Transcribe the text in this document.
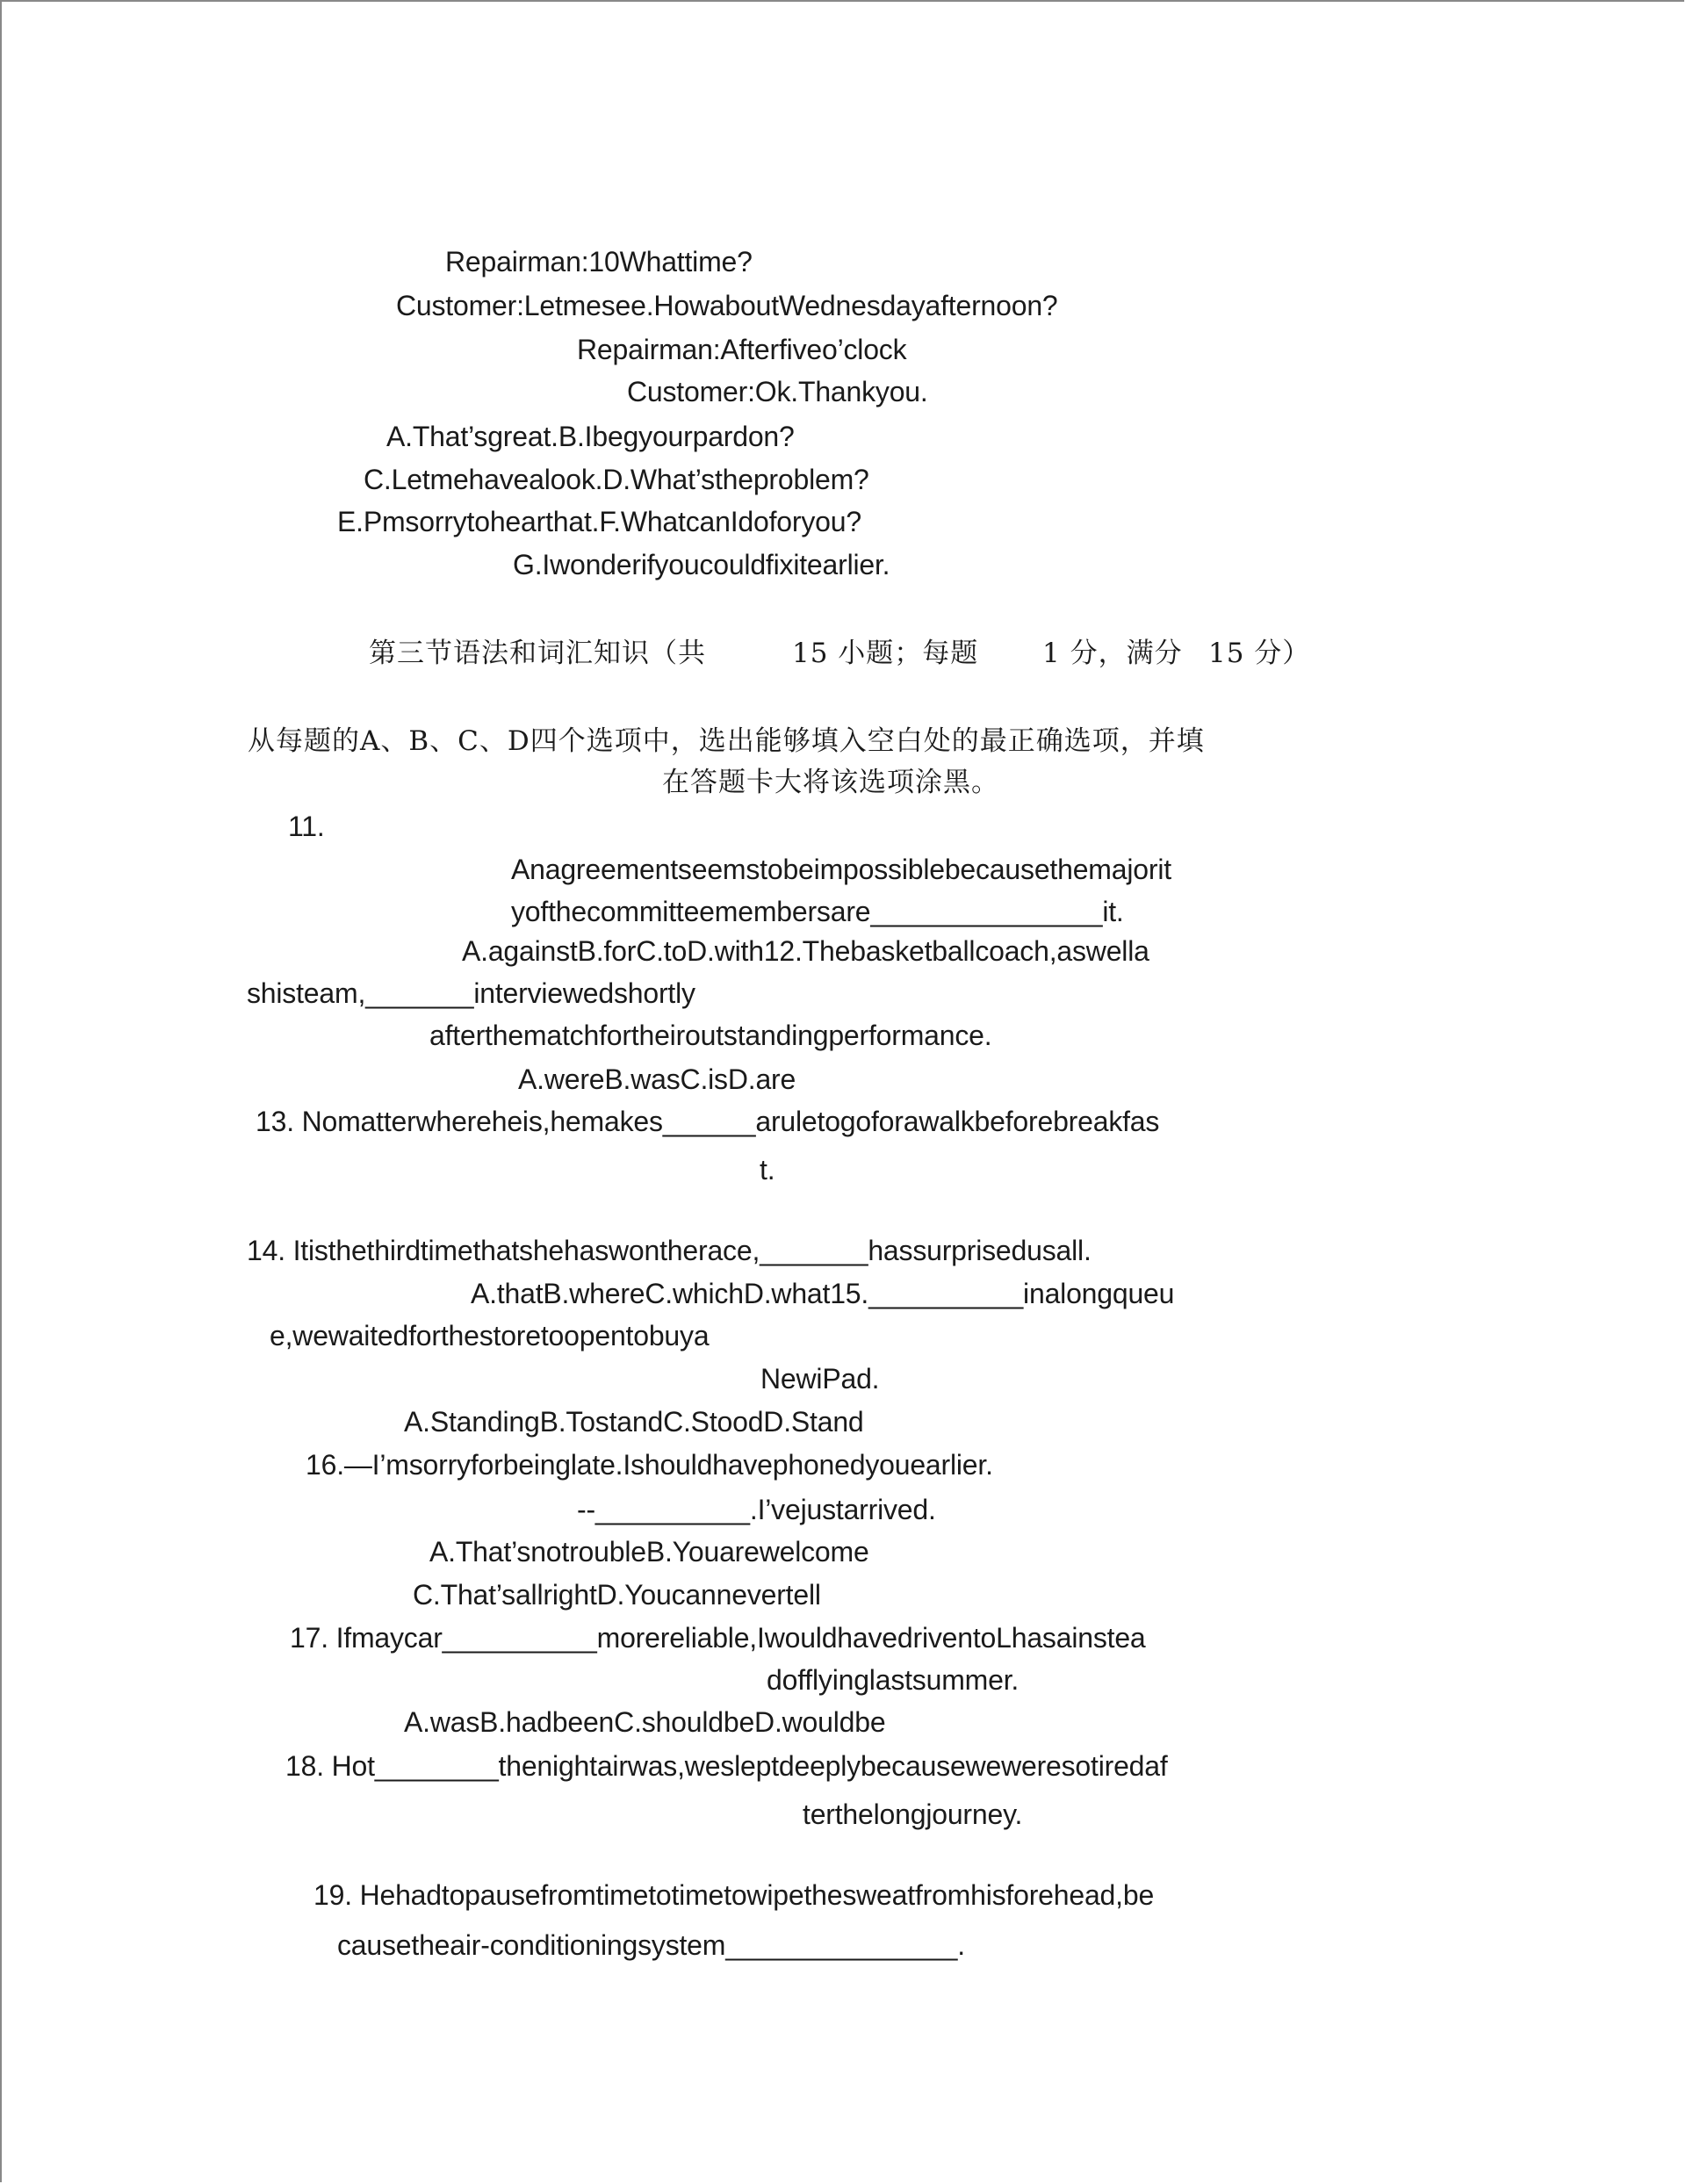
Repairman:10Whattime?
Customer:Letmesee.HowaboutWednesdayafternoon?
Repairman:Afterfiveo’clock
Customer:Ok.Thankyou.
A.That’sgreat.B.Ibegyourpardon?
C.Letmehavealook.D.What’stheproblem?
E.Pmsorrytohearthat.F.WhatcanIdoforyou?
G.Iwonderifyoucouldfixitearlier.
第三节语法和词汇知识（共	15 小题；每题 1 分，满分 15 分）
从每题的A、B、C、D四个选项中，选出能够填入空白处的最正确选项，并填
在答题卡大将该选项涂黑。
11.
Anagreementseemstobeimpossiblebecausethemajorit
yofthecommitteemembersare_______________it.
A.againstB.forC.toD.with12.Thebasketballcoach,aswella
shisteam,_______interviewedshortly
afterthematchfortheiroutstandingperformance.
A.wereB.wasC.isD.are
13. Nomatterwhereheis,hemakes______aruletogoforawalkbeforebreakfas
t.
14. Itisthethirdtimethatshehaswontherace,_______hassurprisedusall.
A.thatB.whereC.whichD.what15.__________inalongqueu
e,wewaitedforthestoretoopentobuya
NewiPad.
A.StandingB.TostandC.StoodD.Stand
16.—I’msorryforbeinglate.Ishouldhavephonedyouearlier.
--__________.I’vejustarrived.
A.That’snotroubleB.Youarewelcome
C.That’sallrightD.Youcannevertell
17. Ifmaycar__________morereliable,IwouldhavedriventoLhasainstea
dofflyinglastsummer.
A.wasB.hadbeenC.shouldbeD.wouldbe
18. Hot________thenightairwas,wesleptdeeplybecauseweweresotiredaf
terthelongjourney.
19. Hehadtopausefromtimetotimetowipethesweatfromhisforehead,be
causetheair-conditioningsystem_______________.
